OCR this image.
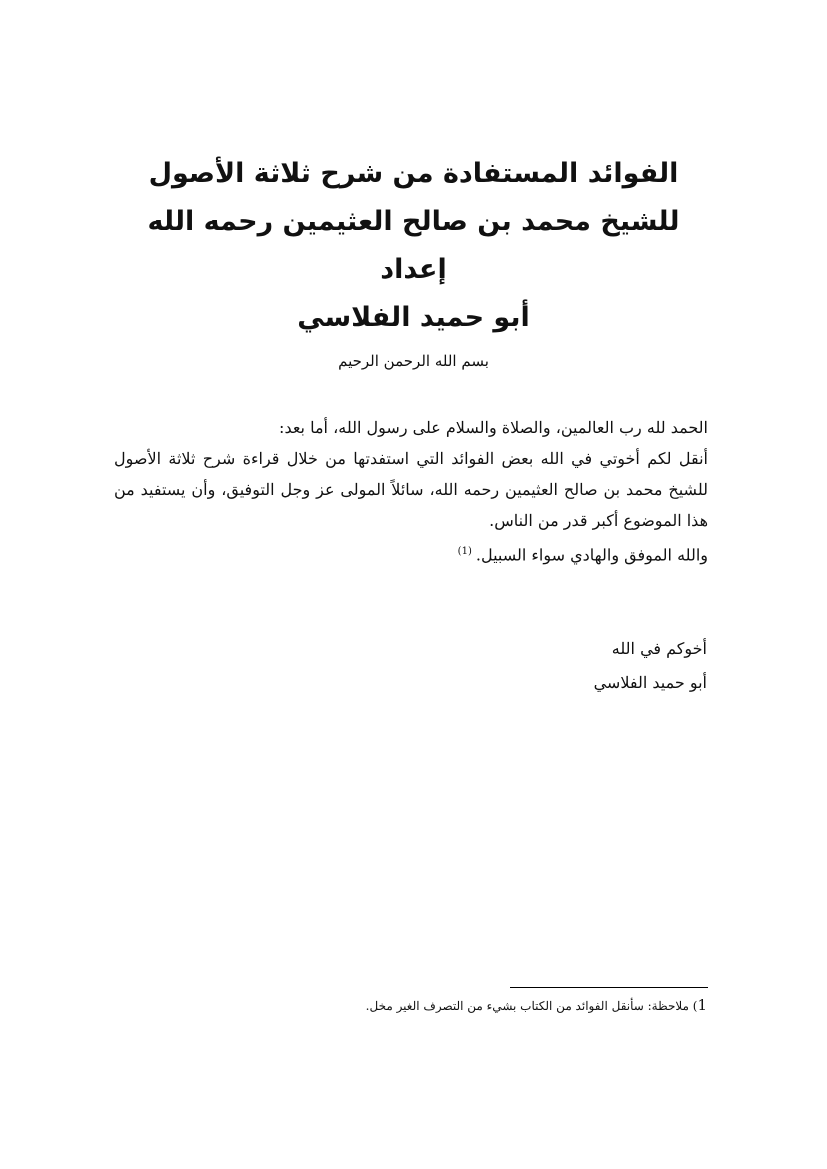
الفوائد المستفادة من شرح ثلاثة الأصول
للشيخ محمد بن صالح العثيمين رحمه الله
إعداد
أبو حميد الفلاسي
بسم الله الرحمن الرحيم

الحمد لله رب العالمين، والصلاة والسلام على رسول الله، أما بعد:

أنقل لكم أخوتي في الله بعض الفوائد التي استفدتها من خلال قراءة شرح ثلاثة الأصول للشيخ محمد بن صالح العثيمين رحمه الله، سائلاً المولى عز وجل التوفيق، وأن يستفيد من هذا الموضوع أكبر قدر من الناس.

والله الموفق والهادي سواء السبيل.$^{(1)}$

أخوكم في الله
أبو حميد الفلاسي
1) ملاحظة: سأنقل الفوائد من الكتاب بشيء من التصرف الغير مخل.
